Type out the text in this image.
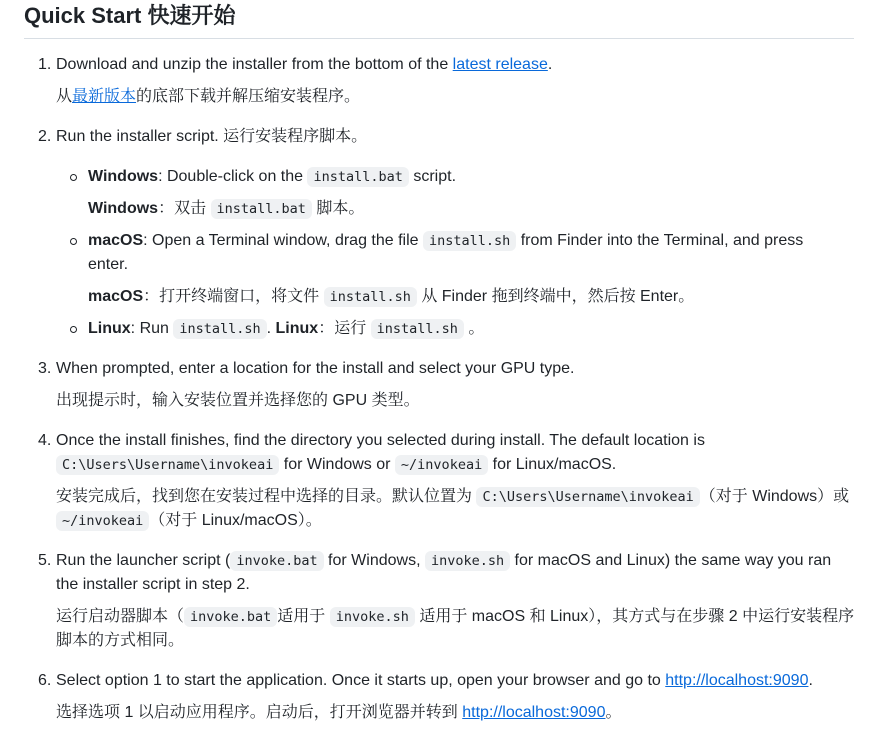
Quick Start 快速开始
1. Download and unzip the installer from the bottom of the latest release.
从最新版本的底部下载并解压缩安装程序。
2. Run the installer script. 运行安装程序脚本。
Windows: Double-click on the install.bat script.
Windows：双击 install.bat 脚本。
macOS: Open a Terminal window, drag the file install.sh from Finder into the Terminal, and press
enter.
macOS：打开终端窗口，将文件 install.sh 从 Finder 拖到终端中，然后按 Enter。
Linux: Run install.sh . Linux：运行 install.sh 。
3. When prompted, enter a location for the install and select your GPU type.
出现提示时，输入安装位置并选择您的 GPU 类型。
4. Once the install finishes, find the directory you selected during install. The default location is
C:\Users\Username\invokeai for Windows or ~/invokeai for Linux/macOS.
安装完成后，找到您在安装过程中选择的目录。默认位置为 C:\Users\Username\invokeai （对于 Windows）或
~/invokeai （对于 Linux/macOS）。
5. Run the launcher script ( invoke.bat for Windows, invoke.sh for macOS and Linux) the same way you ran
the installer script in step 2.
运行启动器脚本（ invoke.bat 适用于 invoke.sh 适用于 macOS 和 Linux），其方式与在步骤 2 中运行安装程序
脚本的方式相同。
6. Select option 1 to start the application. Once it starts up, open your browser and go to http://localhost:9090.
选择选项 1 以启动应用程序。启动后，打开浏览器并转到 http://localhost:9090。
